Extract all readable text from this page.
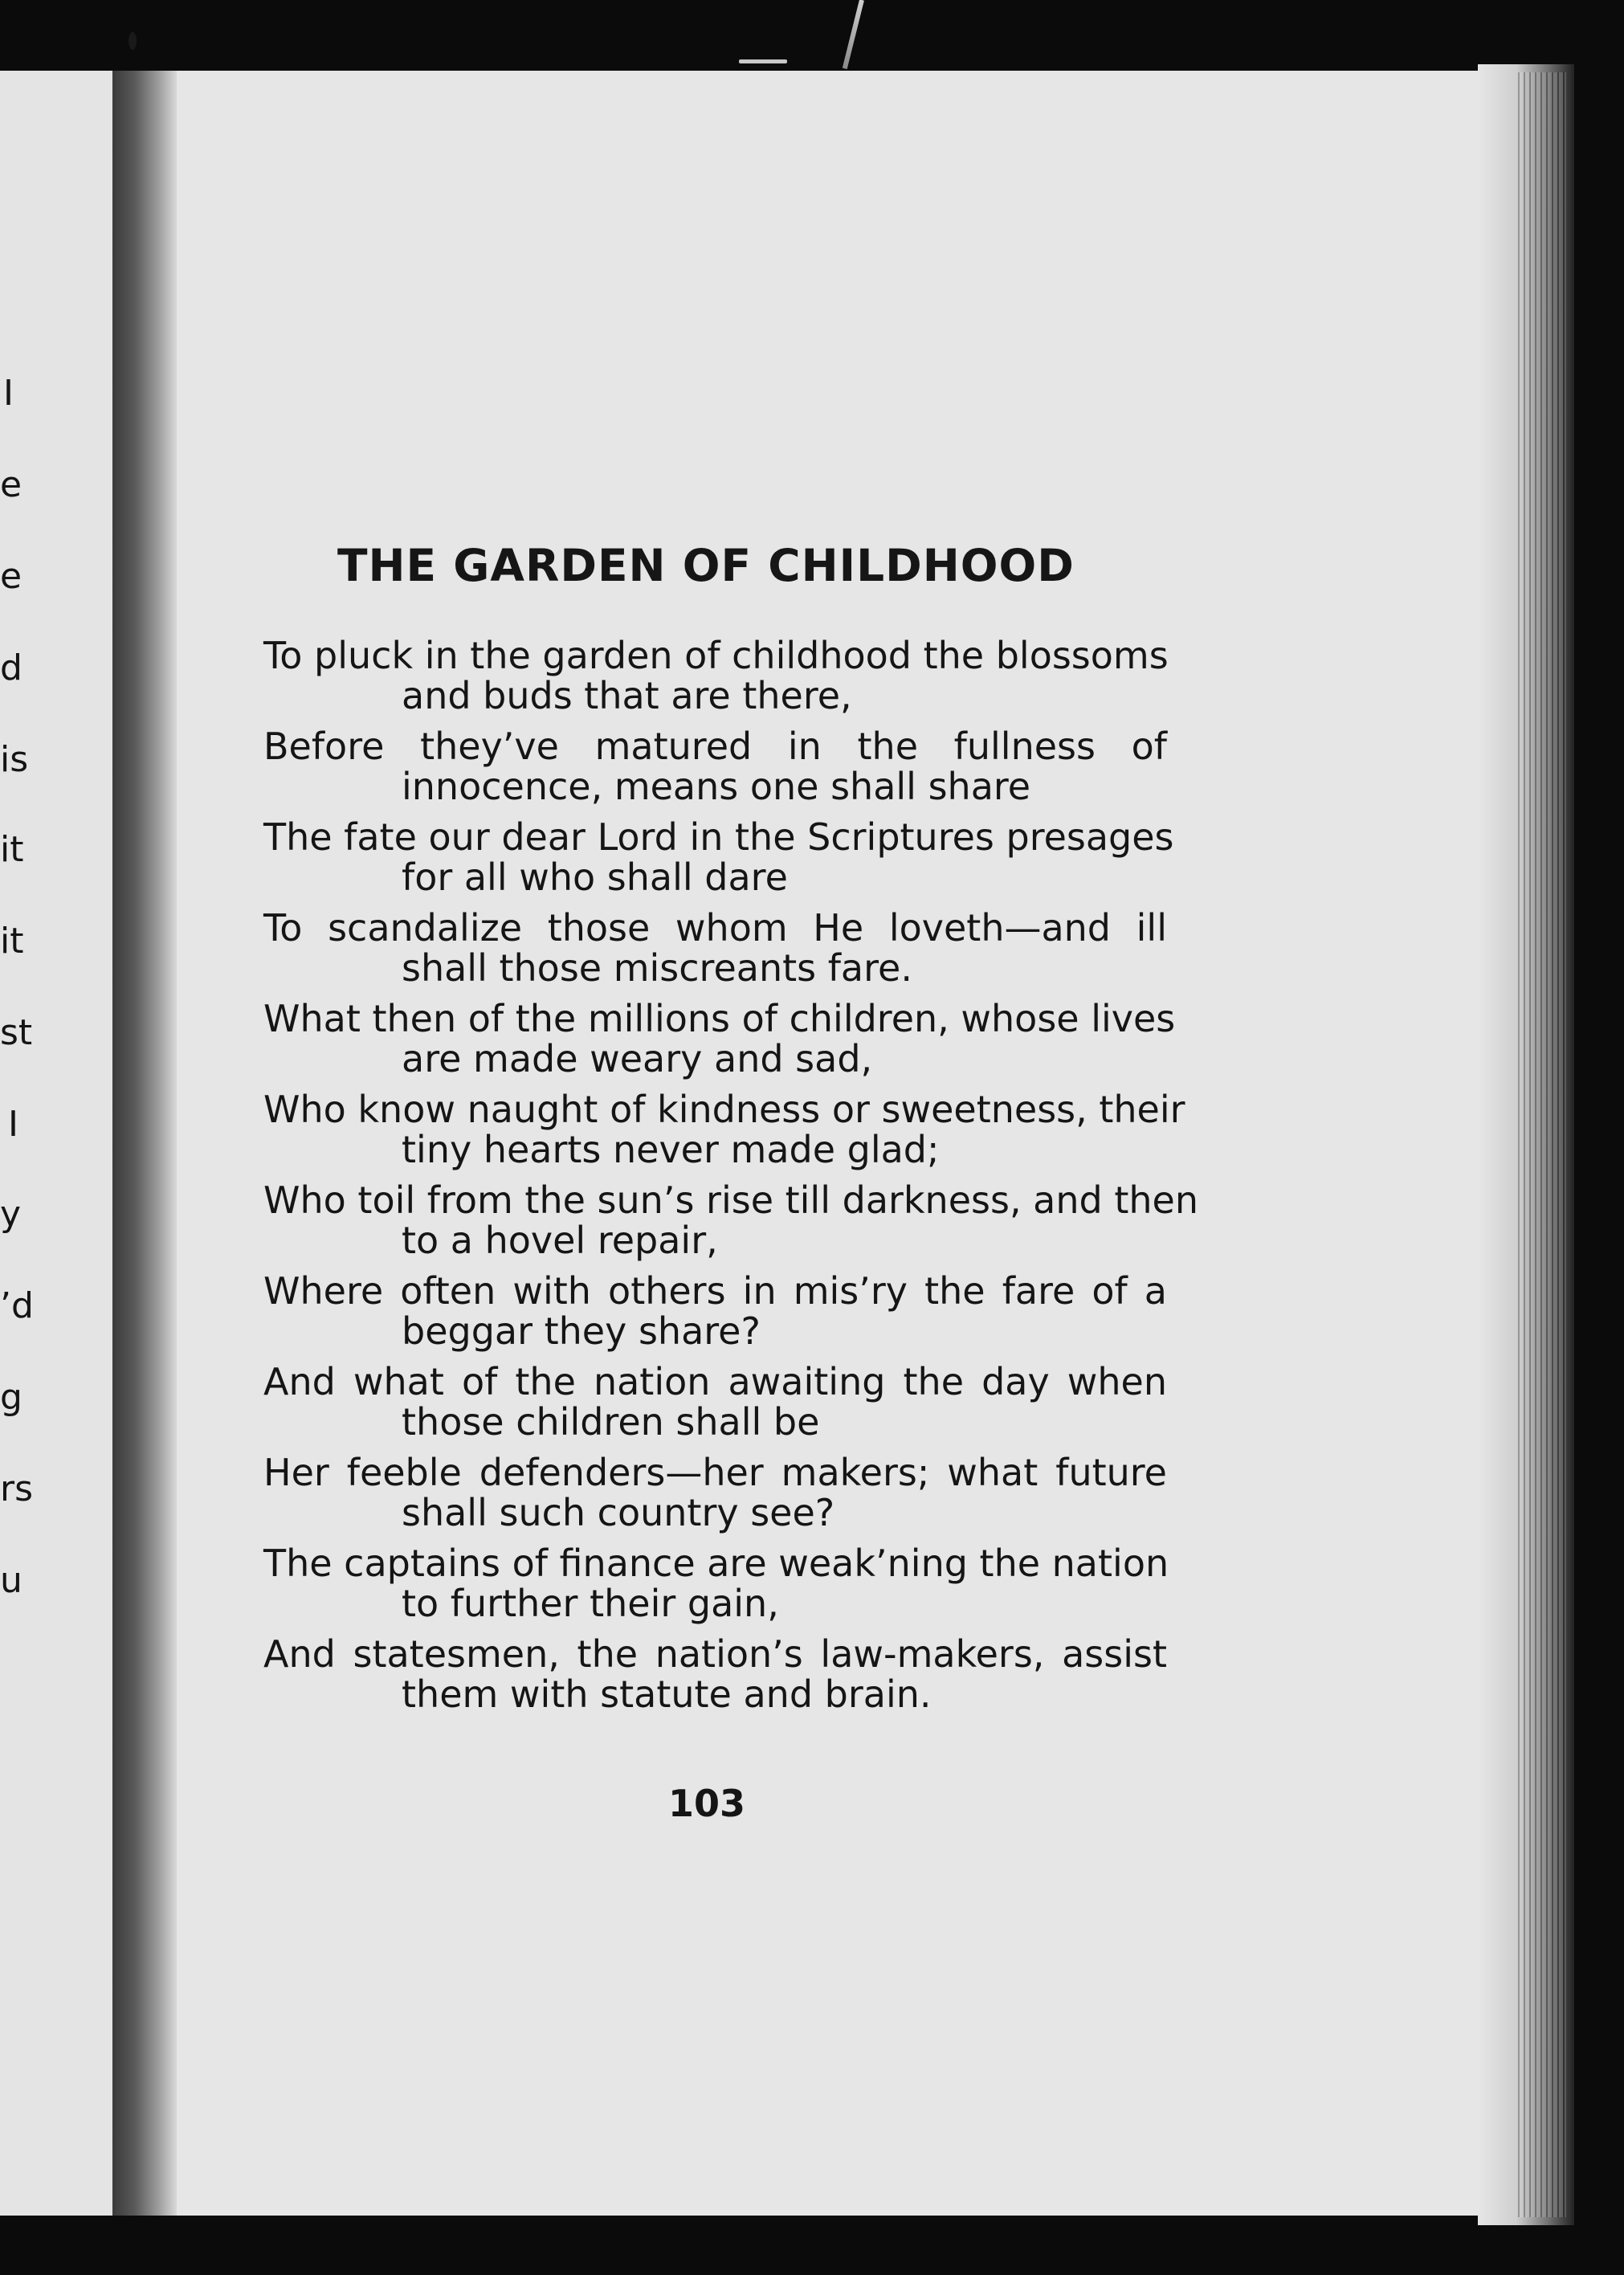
I
e
e
d
is
it
it
st
I
y
’d
g
rs
u
THE GARDEN OF CHILDHOOD
To pluck in the garden of childhood the blossoms
and buds that are there,
Before they’ve matured in the fullness of
innocence, means one shall share
The fate our dear Lord in the Scriptures presages
for all who shall dare
To scandalize those whom He loveth—and ill
shall those miscreants fare.
What then of the millions of children, whose lives
are made weary and sad,
Who know naught of kindness or sweetness, their
tiny hearts never made glad;
Who toil from the sun’s rise till darkness, and then
to a hovel repair,
Where often with others in mis’ry the fare of a
beggar they share?
And what of the nation awaiting the day when
those children shall be
Her feeble defenders—her makers; what future
shall such country see?
The captains of finance are weak’ning the nation
to further their gain,
And statesmen, the nation’s law-makers, assist
them with statute and brain.
103
